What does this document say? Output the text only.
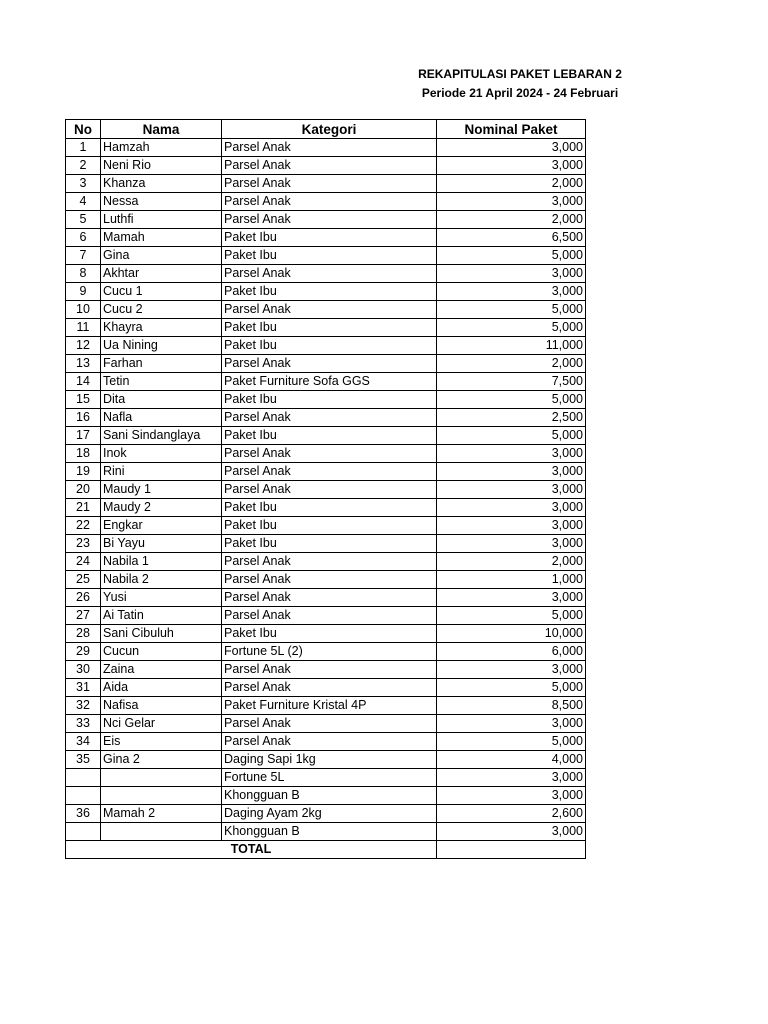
REKAPITULASI PAKET LEBARAN 2
Periode 21 April 2024 - 24 Februari
No	Nama	Kategori	Nominal Paket
1	Hamzah	Parsel Anak	3,000
2	Neni Rio	Parsel Anak	3,000
3	Khanza	Parsel Anak	2,000
4	Nessa	Parsel Anak	3,000
5	Luthfi	Parsel Anak	2,000
6	Mamah	Paket Ibu	6,500
7	Gina	Paket Ibu	5,000
8	Akhtar	Parsel Anak	3,000
9	Cucu 1	Paket Ibu	3,000
10	Cucu 2	Parsel Anak	5,000
11	Khayra	Paket Ibu	5,000
12	Ua Nining	Paket Ibu	11,000
13	Farhan	Parsel Anak	2,000
14	Tetin	Paket Furniture Sofa GGS	7,500
15	Dita	Paket Ibu	5,000
16	Nafla	Parsel Anak	2,500
17	Sani Sindanglaya	Paket Ibu	5,000
18	Inok	Parsel Anak	3,000
19	Rini	Parsel Anak	3,000
20	Maudy 1	Parsel Anak	3,000
21	Maudy 2	Paket Ibu	3,000
22	Engkar	Paket Ibu	3,000
23	Bi Yayu	Paket Ibu	3,000
24	Nabila 1	Parsel Anak	2,000
25	Nabila 2	Parsel Anak	1,000
26	Yusi	Parsel Anak	3,000
27	Ai Tatin	Parsel Anak	5,000
28	Sani Cibuluh	Paket Ibu	10,000
29	Cucun	Fortune 5L (2)	6,000
30	Zaina	Parsel Anak	3,000
31	Aida	Parsel Anak	5,000
32	Nafisa	Paket Furniture Kristal 4P	8,500
33	Nci Gelar	Parsel Anak	3,000
34	Eis	Parsel Anak	5,000
35	Gina 2	Daging Sapi 1kg	4,000
		Fortune 5L	3,000
		Khongguan B	3,000
36	Mamah 2	Daging Ayam 2kg	2,600
		Khongguan B	3,000
TOTAL			
